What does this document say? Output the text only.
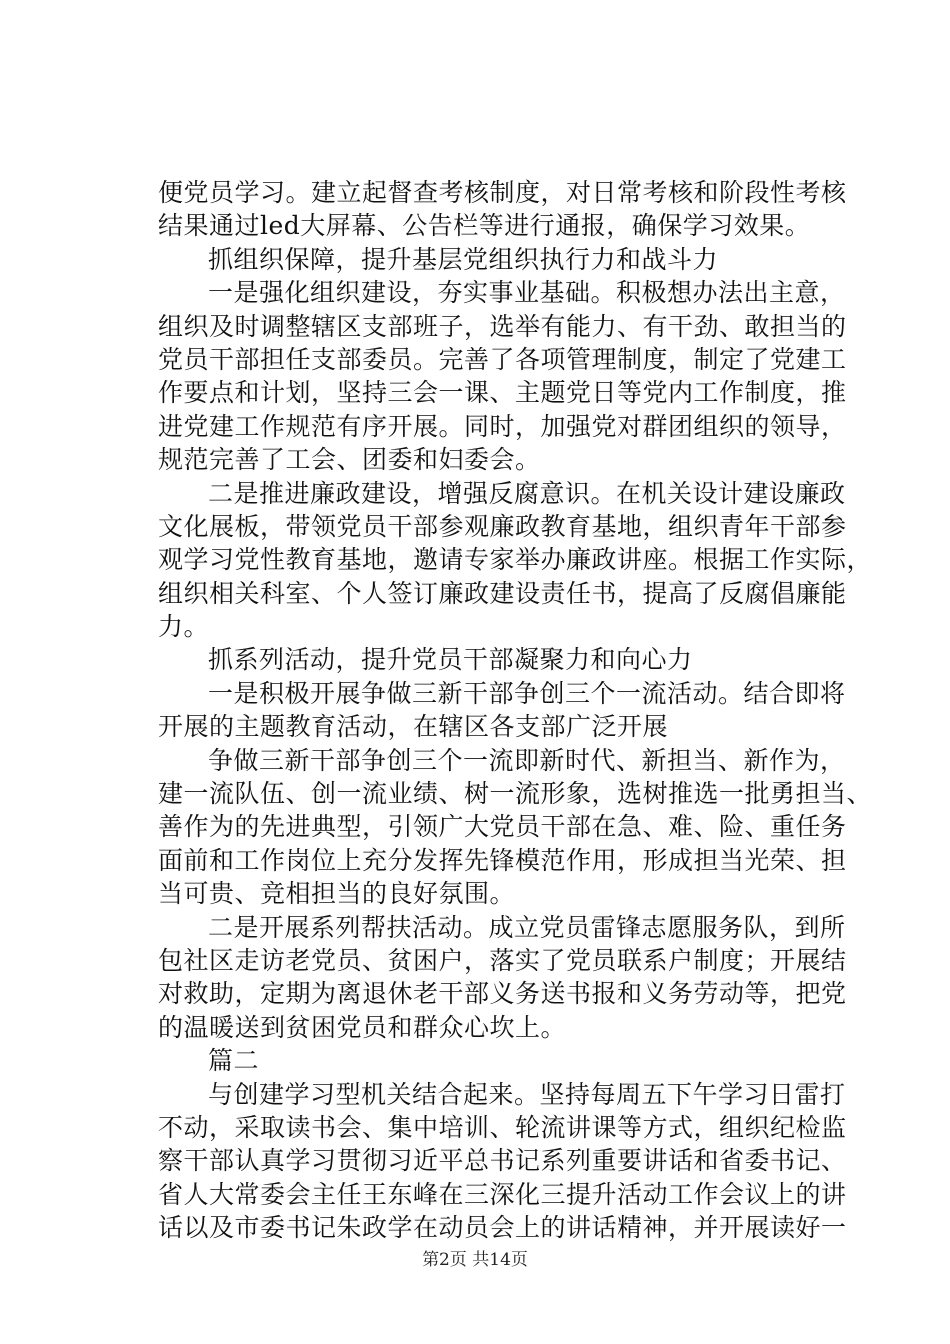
便党员学习。建立起督查考核制度，对日常考核和阶段性考核
结果通过led大屏幕、公告栏等进行通报，确保学习效果。
抓组织保障，提升基层党组织执行力和战斗力
一是强化组织建设，夯实事业基础。积极想办法出主意，
组织及时调整辖区支部班子，选举有能力、有干劲、敢担当的
党员干部担任支部委员。完善了各项管理制度，制定了党建工
作要点和计划，坚持三会一课、主题党日等党内工作制度，推
进党建工作规范有序开展。同时，加强党对群团组织的领导，
规范完善了工会、团委和妇委会。
二是推进廉政建设，增强反腐意识。在机关设计建设廉政
文化展板，带领党员干部参观廉政教育基地，组织青年干部参
观学习党性教育基地，邀请专家举办廉政讲座。根据工作实际，
组织相关科室、个人签订廉政建设责任书，提高了反腐倡廉能
力。
抓系列活动，提升党员干部凝聚力和向心力
一是积极开展争做三新干部争创三个一流活动。结合即将
开展的主题教育活动，在辖区各支部广泛开展
争做三新干部争创三个一流即新时代、新担当、新作为，
建一流队伍、创一流业绩、树一流形象，选树推选一批勇担当、
善作为的先进典型，引领广大党员干部在急、难、险、重任务
面前和工作岗位上充分发挥先锋模范作用，形成担当光荣、担
当可贵、竞相担当的良好氛围。
二是开展系列帮扶活动。成立党员雷锋志愿服务队，到所
包社区走访老党员、贫困户，落实了党员联系户制度；开展结
对救助，定期为离退休老干部义务送书报和义务劳动等，把党
的温暖送到贫困党员和群众心坎上。
篇二
与创建学习型机关结合起来。坚持每周五下午学习日雷打
不动，采取读书会、集中培训、轮流讲课等方式，组织纪检监
察干部认真学习贯彻习近平总书记系列重要讲话和省委书记、
省人大常委会主任王东峰在三深化三提升活动工作会议上的讲
话以及市委书记朱政学在动员会上的讲话精神，并开展读好一
第2页 共14页
